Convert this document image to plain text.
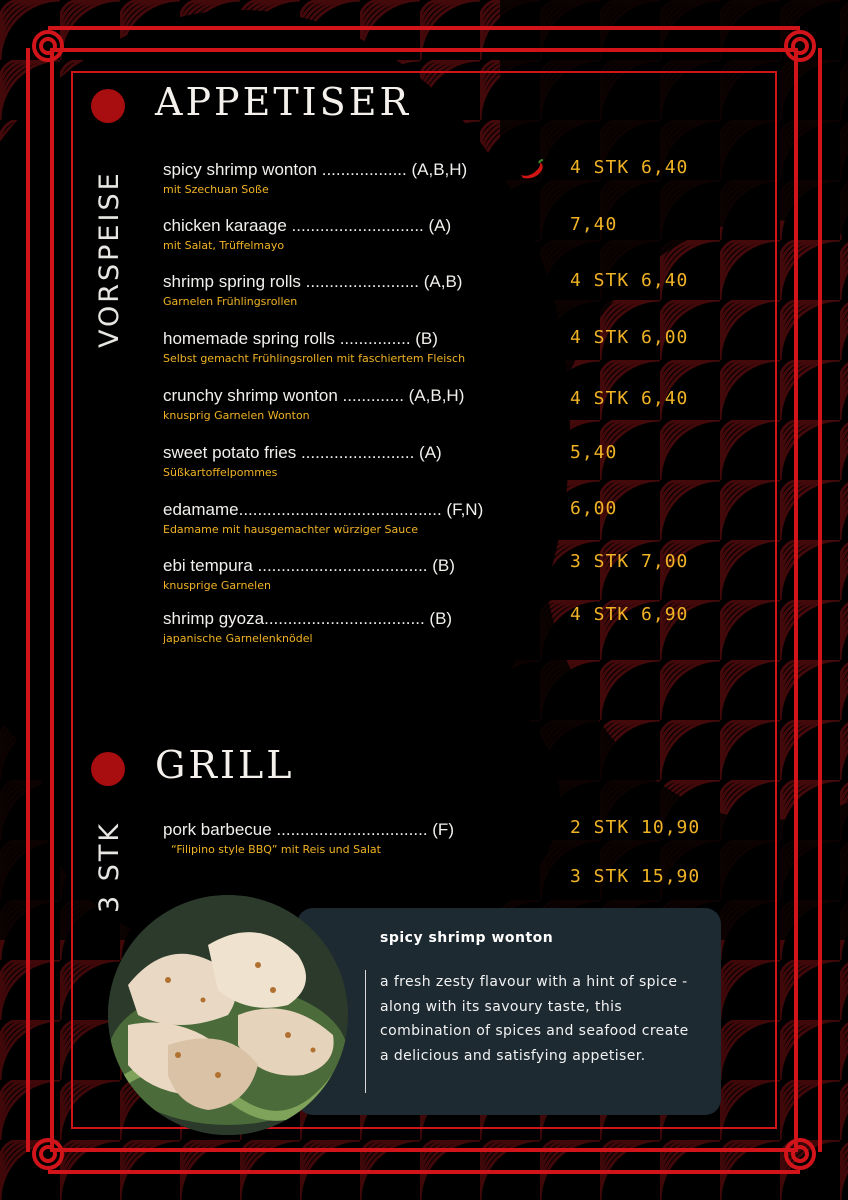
APPETISER
VORSPEISE
spicy shrimp wonton .................. (A,B,H)
mit Szechuan Soße
4 STK 6,40
chicken karaage ............................ (A)
mit Salat, Trüffelmayo
7,40
shrimp spring rolls ........................ (A,B)
Garnelen Frühlingsrollen
4 STK 6,40
homemade spring rolls ............... (B)
Selbst gemacht Frühlingsrollen mit faschiertem Fleisch
4 STK 6,00
crunchy shrimp wonton ............. (A,B,H)
knusprig Garnelen Wonton
4 STK 6,40
sweet potato fries ........................ (A)
Süßkartoffelpommes
5,40
edamame........................................... (F,N)
Edamame mit hausgemachter würziger Sauce
6,00
ebi tempura .................................... (B)
knusprige Garnelen
3 STK 7,00
shrimp gyoza.................................. (B)
japanische Garnelenknödel
4 STK 6,90
GRILL
3 STK pork barbecue ................................ (F)
“Filipino style BBQ” mit Reis und Salat
2 STK 10,90
3 STK 15,90
spicy shrimp wonton
a fresh zesty flavour with a hint of spice - along with its savoury taste, this combination of spices and seafood create a delicious and satisfying appetiser.
